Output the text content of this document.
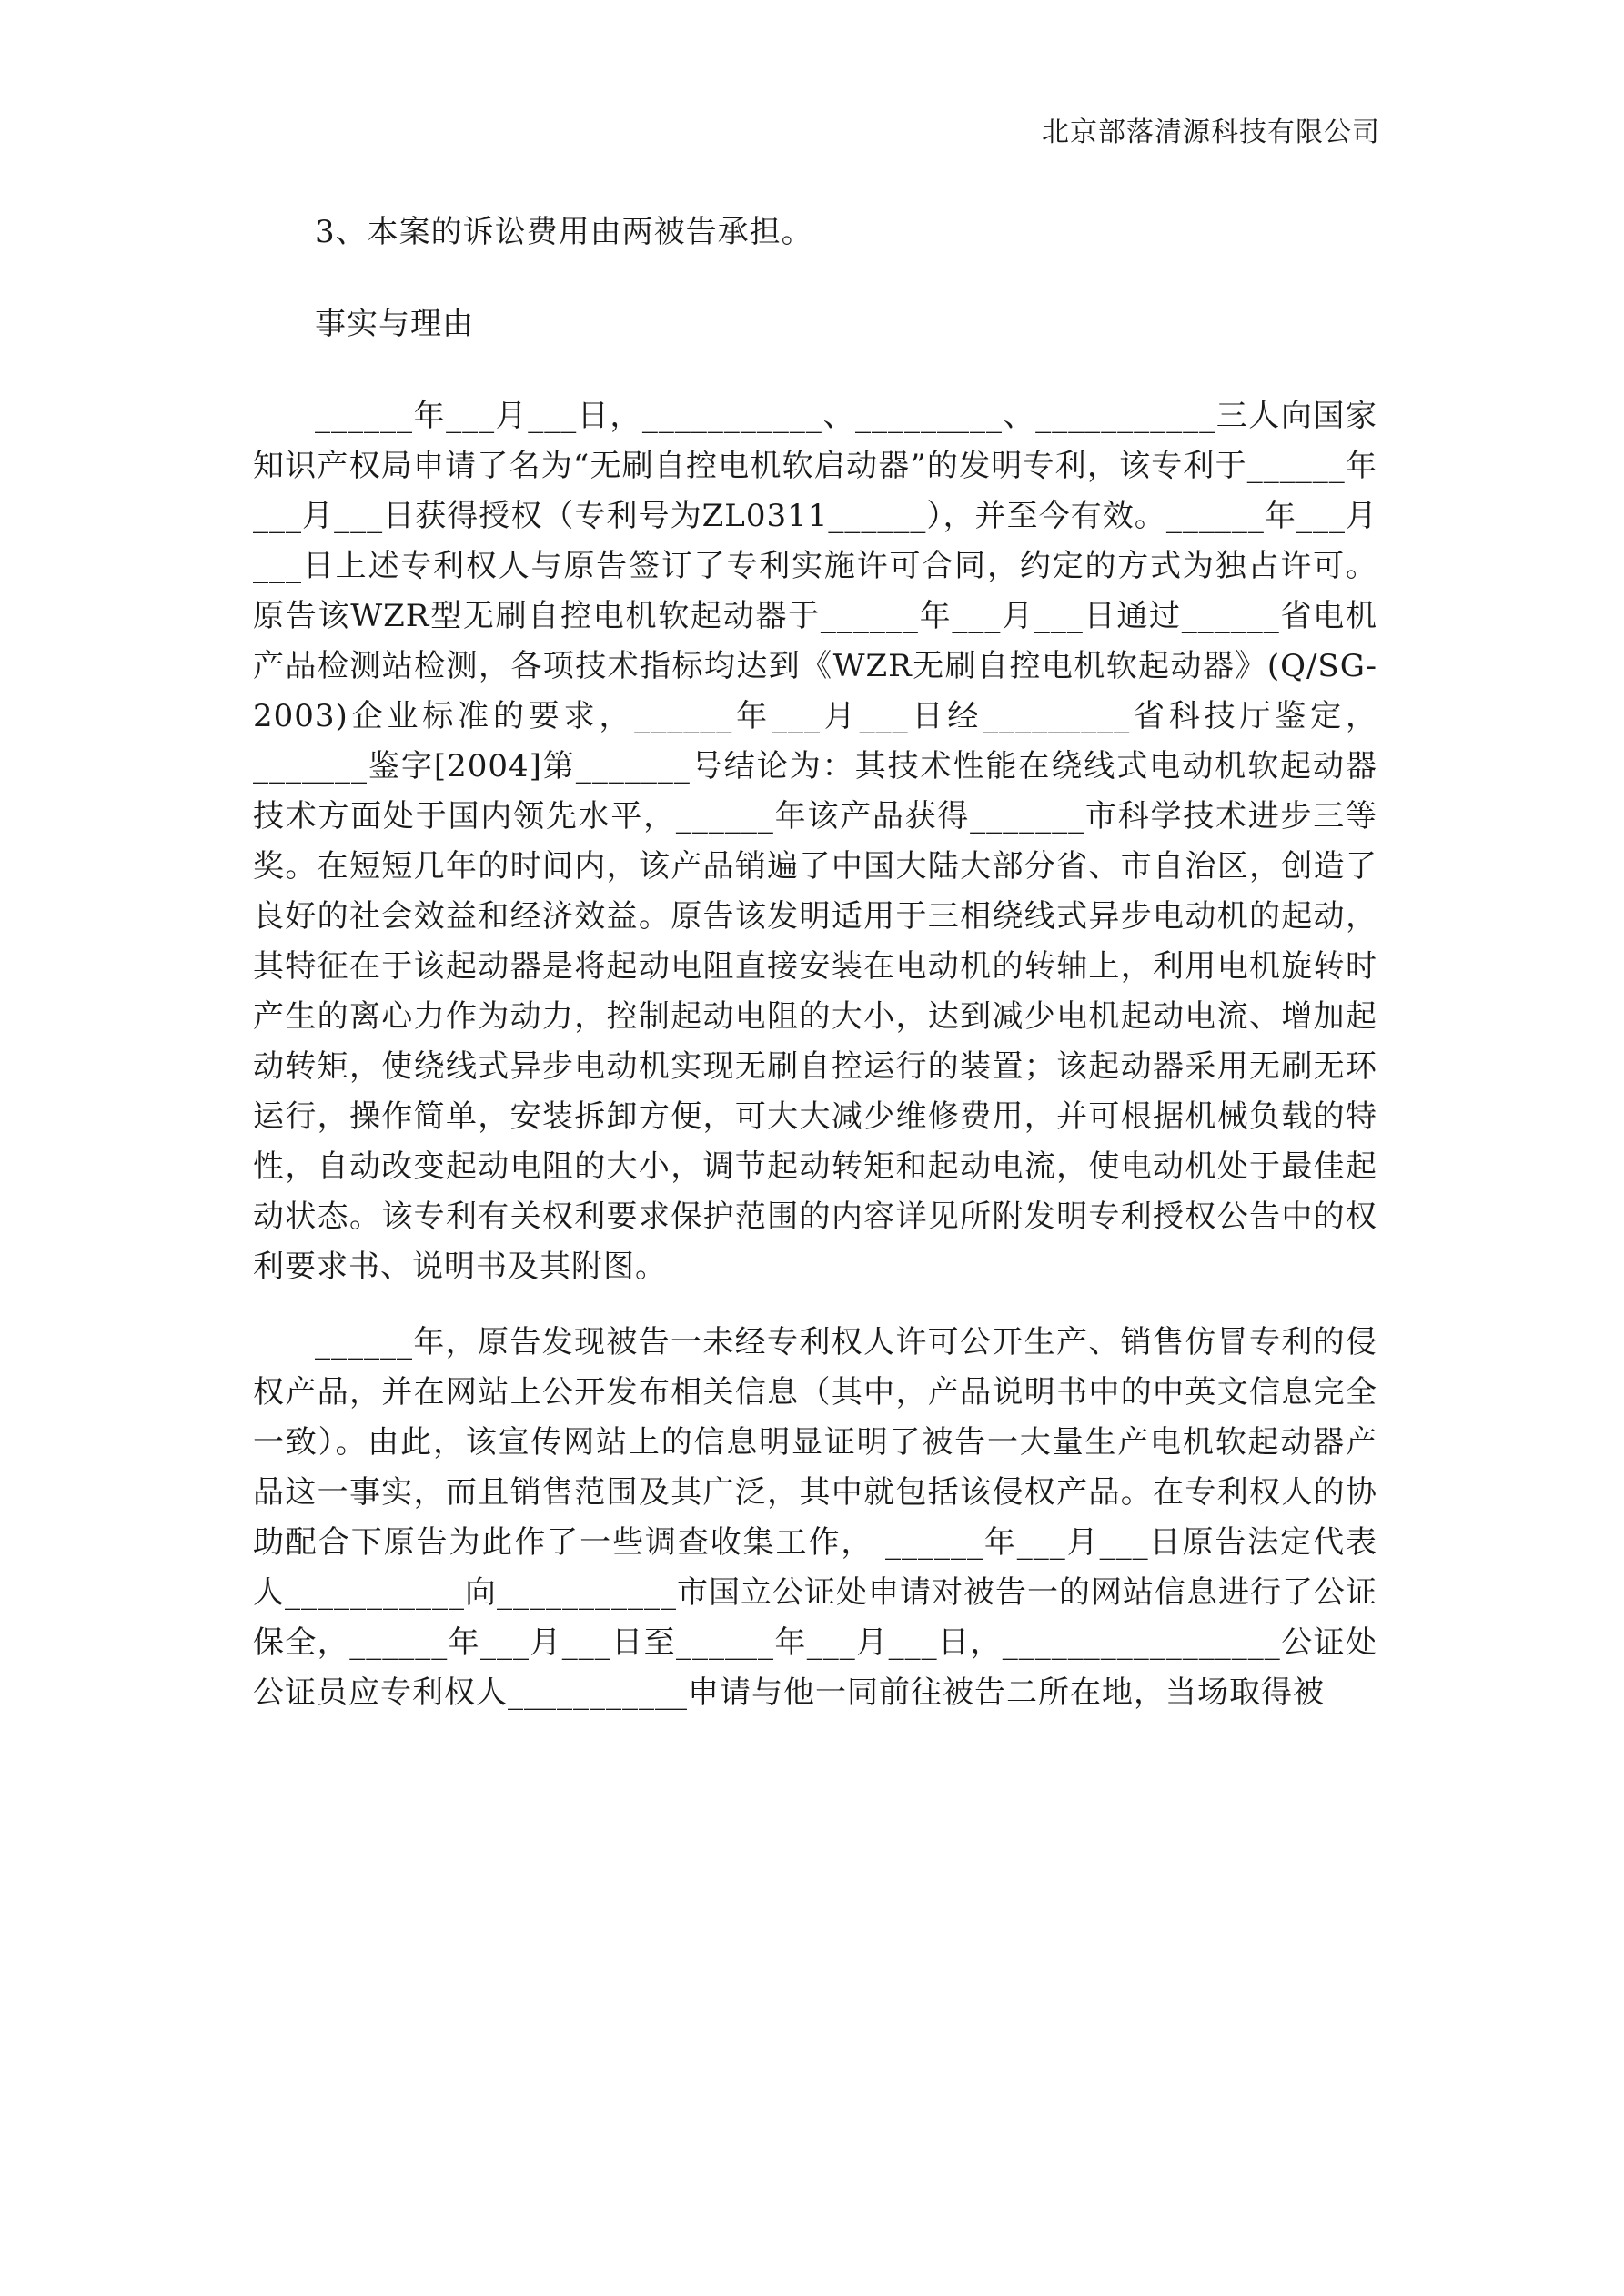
北京部落清源科技有限公司

3、本案的诉讼费用由两被告承担。

事实与理由

______年___月___日，___________、_________、___________三人向国家知识产权局申请了名为“无刷自控电机软启动器”的发明专利，该专利于______年___月___日获得授权（专利号为ZL0311______），并至今有效。______年___月___日上述专利权人与原告签订了专利实施许可合同，约定的方式为独占许可。原告该WZR型无刷自控电机软起动器于______年___月___日通过______省电机产品检测站检测，各项技术指标均达到《WZR无刷自控电机软起动器》(Q/SG-2003)企业标准的要求，______年___月___日经_________省科技厅鉴定，_______鉴字[2004]第_______号结论为：其技术性能在绕线式电动机软起动器技术方面处于国内领先水平，______年该产品获得_______市科学技术进步三等奖。在短短几年的时间内，该产品销遍了中国大陆大部分省、市自治区，创造了良好的社会效益和经济效益。原告该发明适用于三相绕线式异步电动机的起动，其特征在于该起动器是将起动电阻直接安装在电动机的转轴上，利用电机旋转时产生的离心力作为动力，控制起动电阻的大小，达到减少电机起动电流、增加起动转矩，使绕线式异步电动机实现无刷自控运行的装置；该起动器采用无刷无环运行，操作简单，安装拆卸方便，可大大减少维修费用，并可根据机械负载的特性，自动改变起动电阻的大小，调节起动转矩和起动电流，使电动机处于最佳起动状态。该专利有关权利要求保护范围的内容详见所附发明专利授权公告中的权利要求书、说明书及其附图。

______年，原告发现被告一未经专利权人许可公开生产、销售仿冒专利的侵权产品，并在网站上公开发布相关信息（其中，产品说明书中的中英文信息完全一致）。由此，该宣传网站上的信息明显证明了被告一大量生产电机软起动器产品这一事实，而且销售范围及其广泛，其中就包括该侵权产品。在专利权人的协助配合下原告为此作了一些调查收集工作， ______年___月___日原告法定代表人___________向___________市国立公证处申请对被告一的网站信息进行了公证保全，______年___月___日至______年___月___日，_________________公证处公证员应专利权人___________申请与他一同前往被告二所在地，当场取得被
